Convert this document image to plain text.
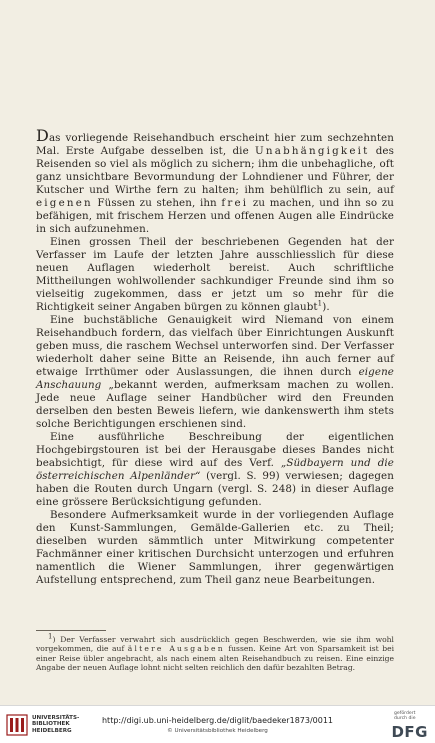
Das vorliegende Reisehandbuch erscheint hier zum sechzehnten Mal. Erste Aufgabe desselben ist, die Unabhängigkeit des Reisenden so viel als möglich zu sichern; ihm die unbehagliche, oft ganz unsichtbare Bevormundung der Lohndiener und Führer, der Kutscher und Wirthe fern zu halten; ihm behülflich zu sein, auf eigenen Füssen zu stehen, ihn frei zu machen, und ihn so zu befähigen, mit frischem Herzen und offenen Augen alle Eindrücke in sich aufzunehmen.

Einen grossen Theil der beschriebenen Gegenden hat der Verfasser im Laufe der letzten Jahre ausschliesslich für diese neuen Auflagen wiederholt bereist. Auch schriftliche Mittheilungen wohlwollender sachkundiger Freunde sind ihm so vielseitig zugekommen, dass er jetzt um so mehr für die Richtigkeit seiner Angaben bürgen zu können glaubt$^1$).

Eine buchstäbliche Genauigkeit wird Niemand von einem Reisehandbuch fordern, das vielfach über Einrichtungen Auskunft geben muss, die raschem Wechsel unterworfen sind. Der Verfasser wiederholt daher seine Bitte an Reisende, ihn auch ferner auf etwaige Irrthümer oder Auslassungen, die ihnen durch eigene Anschauung „bekannt werden, aufmerksam machen zu wollen. Jede neue Auflage seiner Handbücher wird den Freunden derselben den besten Beweis liefern, wie dankenswerth ihm stets solche Berichtigungen erschienen sind.

Eine ausführliche Beschreibung der eigentlichen Hochgebirgstouren ist bei der Herausgabe dieses Bandes nicht beabsichtigt, für diese wird auf des Verf. „Südbayern und die österreichischen Alpenländer“ (vergl. S. 99) verwiesen; dagegen haben die Routen durch Ungarn (vergl. S. 248) in dieser Auflage eine grössere Berücksichtigung gefunden.

Besondere Aufmerksamkeit wurde in der vorliegenden Auflage den Kunst-Sammlungen, Gemälde-Gallerien etc. zu Theil; dieselben wurden sämmtlich unter Mitwirkung competenter Fachmänner einer kritischen Durchsicht unterzogen und erfuhren namentlich die Wiener Sammlungen, ihrer gegenwärtigen Aufstellung entsprechend, zum Theil ganz neue Bearbeitungen.

1) Der Verfasser verwahrt sich ausdrücklich gegen Beschwerden, wie sie ihm wohl vorgekommen, die auf ältere Ausgaben fussen. Keine Art von Sparsamkeit ist bei einer Reise übler angebracht, als nach einem alten Reisehandbuch zu reisen. Eine einzige Angabe der neuen Auflage lohnt nicht selten reichlich den dafür bezahlten Betrag.

UNIVERSITÄTS-
BIBLIOTHEK
HEIDELBERG
http://digi.ub.uni-heidelberg.de/diglit/baedeker1873/0011
© Universitätsbibliothek Heidelberg
gefördert durch die
DFG
